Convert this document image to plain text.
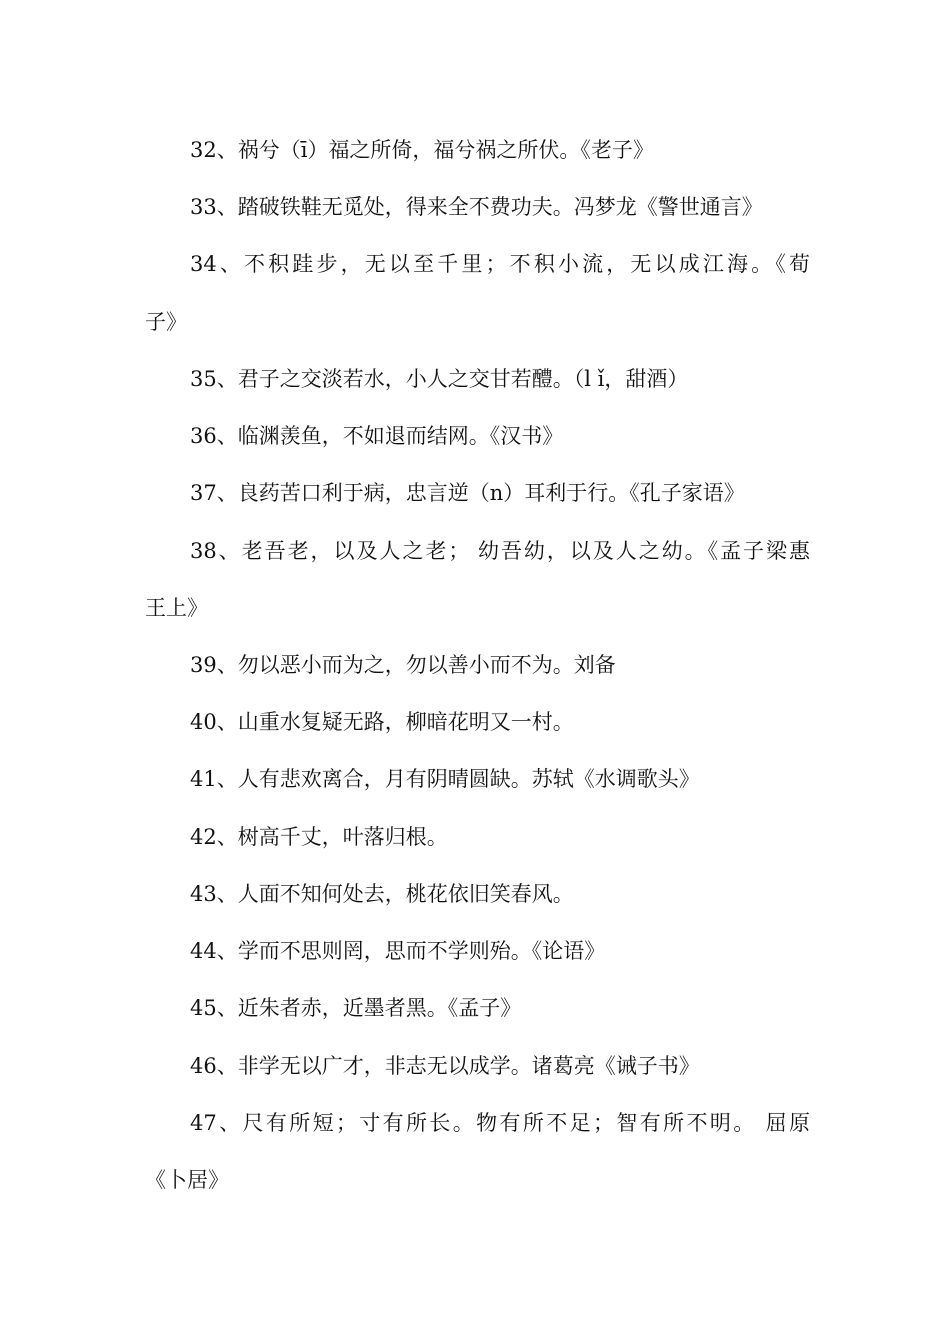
32、祸兮（ī）福之所倚，福兮祸之所伏。《老子》
33、踏破铁鞋无觅处，得来全不费功夫。冯梦龙《警世通言》
34、不积跬步，无以至千里；不积小流，无以成江海。《荀
子》
35、君子之交淡若水，小人之交甘若醴。（l ǐ，甜酒）
36、临渊羡鱼，不如退而结网。《汉书》
37、良药苦口利于病，忠言逆（n）耳利于行。《孔子家语》
38、老吾老，以及人之老； 幼吾幼，以及人之幼。《孟子梁惠
王上》
39、勿以恶小而为之，勿以善小而不为。刘备
40、山重水复疑无路，柳暗花明又一村。
41、人有悲欢离合，月有阴晴圆缺。苏轼《水调歌头》
42、树高千丈，叶落归根。
43、人面不知何处去，桃花依旧笑春风。
44、学而不思则罔，思而不学则殆。《论语》
45、近朱者赤，近墨者黑。《孟子》
46、非学无以广才，非志无以成学。诸葛亮《诫子书》
47、尺有所短；寸有所长。物有所不足；智有所不明。 屈原
《卜居》
